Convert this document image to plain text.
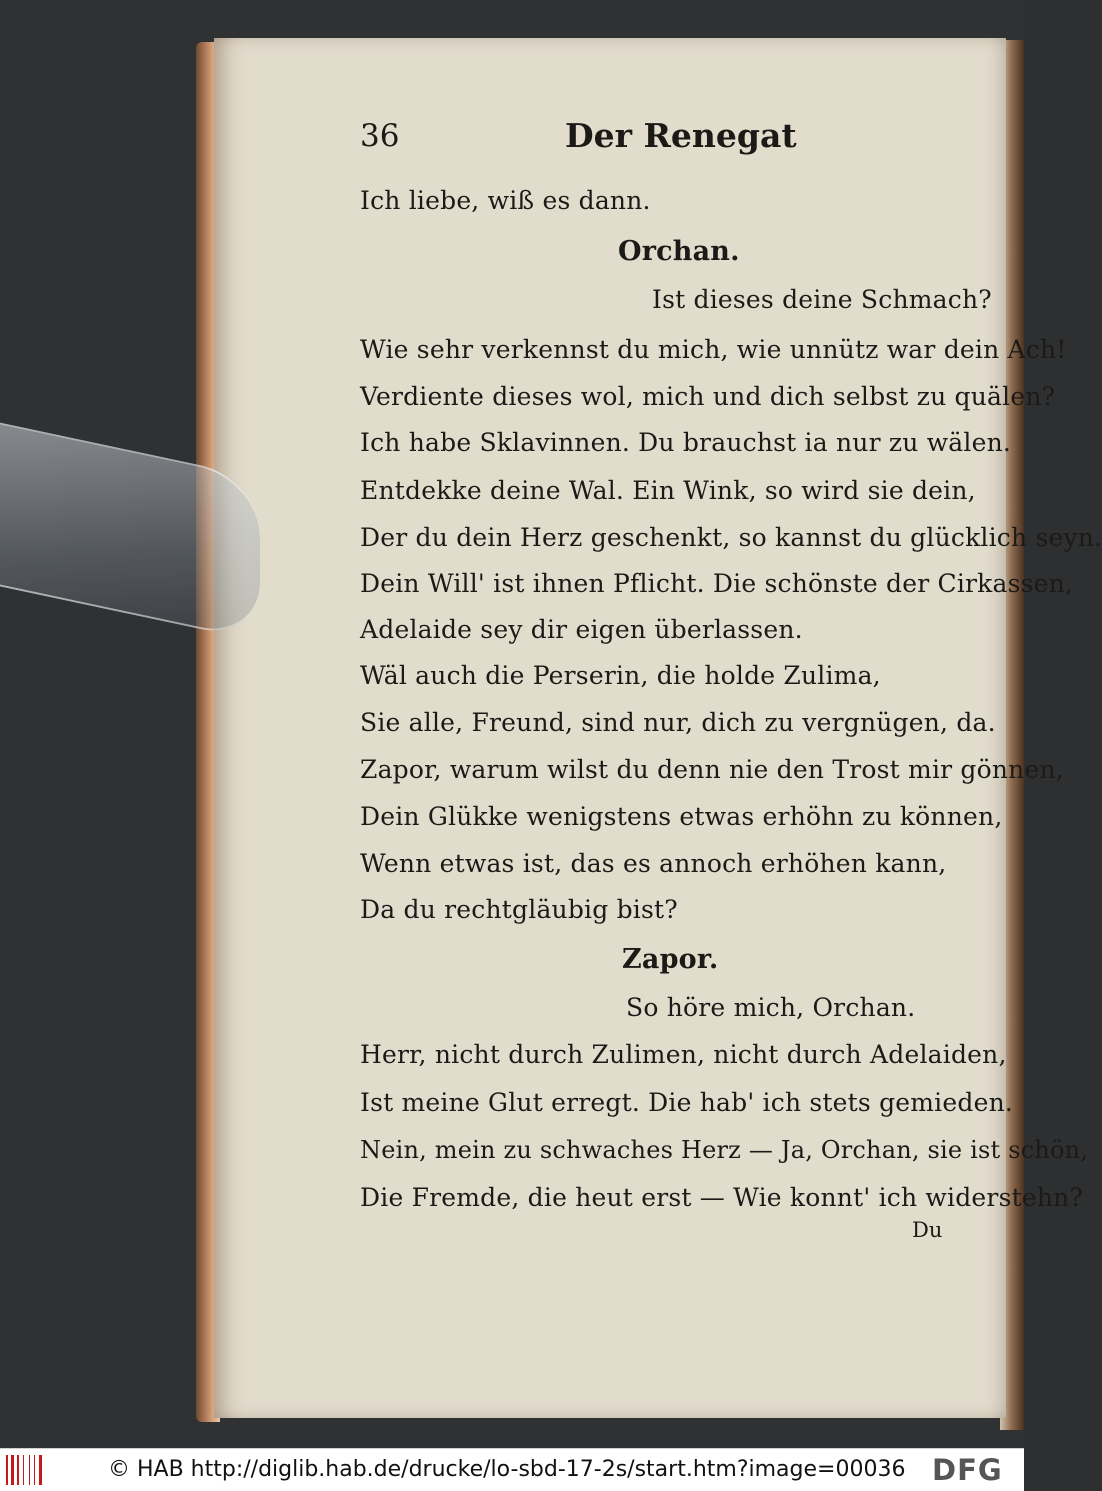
36	Der Renegat
Ich liebe, wiß es dann.
Orchan.
Ist dieses deine Schmach?
Wie sehr verkennst du mich, wie unnütz war dein Ach!
Verdiente dieses wol, mich und dich selbst zu quälen?
Ich habe Sklavinnen. Du brauchst ia nur zu wälen.
Entdekke deine Wal. Ein Wink, so wird sie dein,
Der du dein Herz geschenkt, so kannst du glücklich seyn.
Dein Will' ist ihnen Pflicht. Die schönste der Cirkassen,
Adelaide sey dir eigen überlassen.
Wäl auch die Perserin, die holde Zulima,
Sie alle, Freund, sind nur, dich zu vergnügen, da.
Zapor, warum wilst du denn nie den Trost mir gönnen,
Dein Glükke wenigstens etwas erhöhn zu können,
Wenn etwas ist, das es annoch erhöhen kann,
Da du rechtgläubig bist?
Zapor.
So höre mich, Orchan.
Herr, nicht durch Zulimen, nicht durch Adelaiden,
Ist meine Glut erregt. Die hab' ich stets gemieden.
Nein, mein zu schwaches Herz — Ja, Orchan, sie ist schön,
Die Fremde, die heut erst — Wie konnt' ich widerstehn?
Du
© HAB http://diglib.hab.de/drucke/lo-sbd-17-2s/start.htm?image=00036 DFG
